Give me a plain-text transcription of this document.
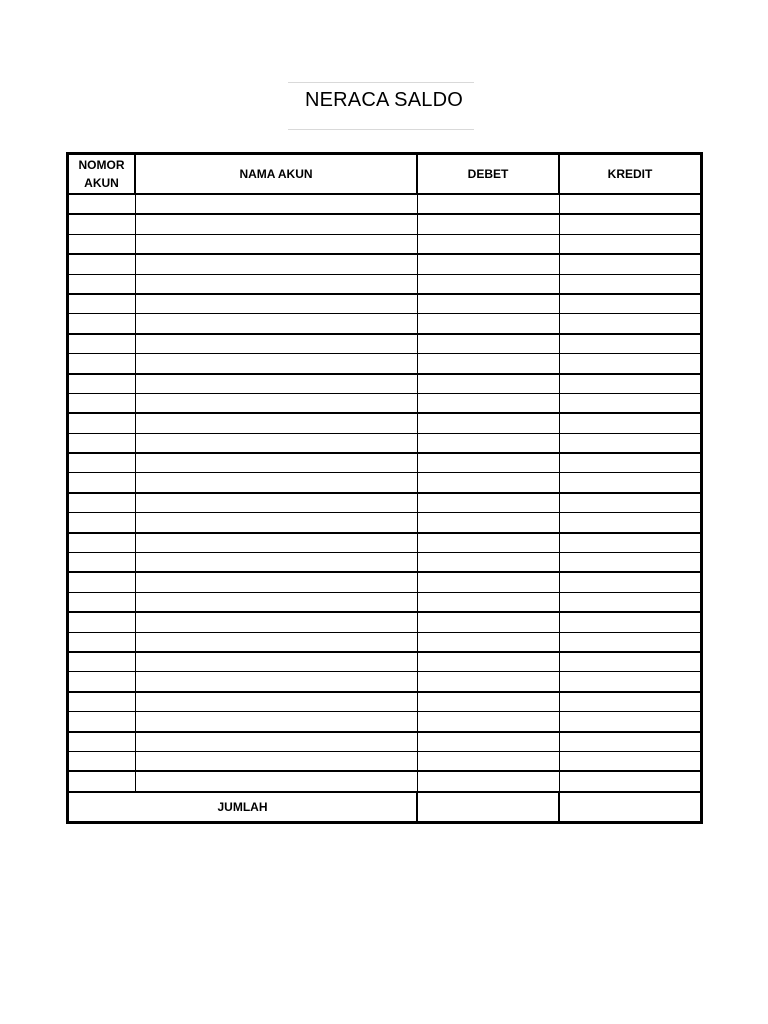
NERACA SALDO
NOMOR AKUN	NAMA AKUN	DEBET	KREDIT

JUMLAH			
